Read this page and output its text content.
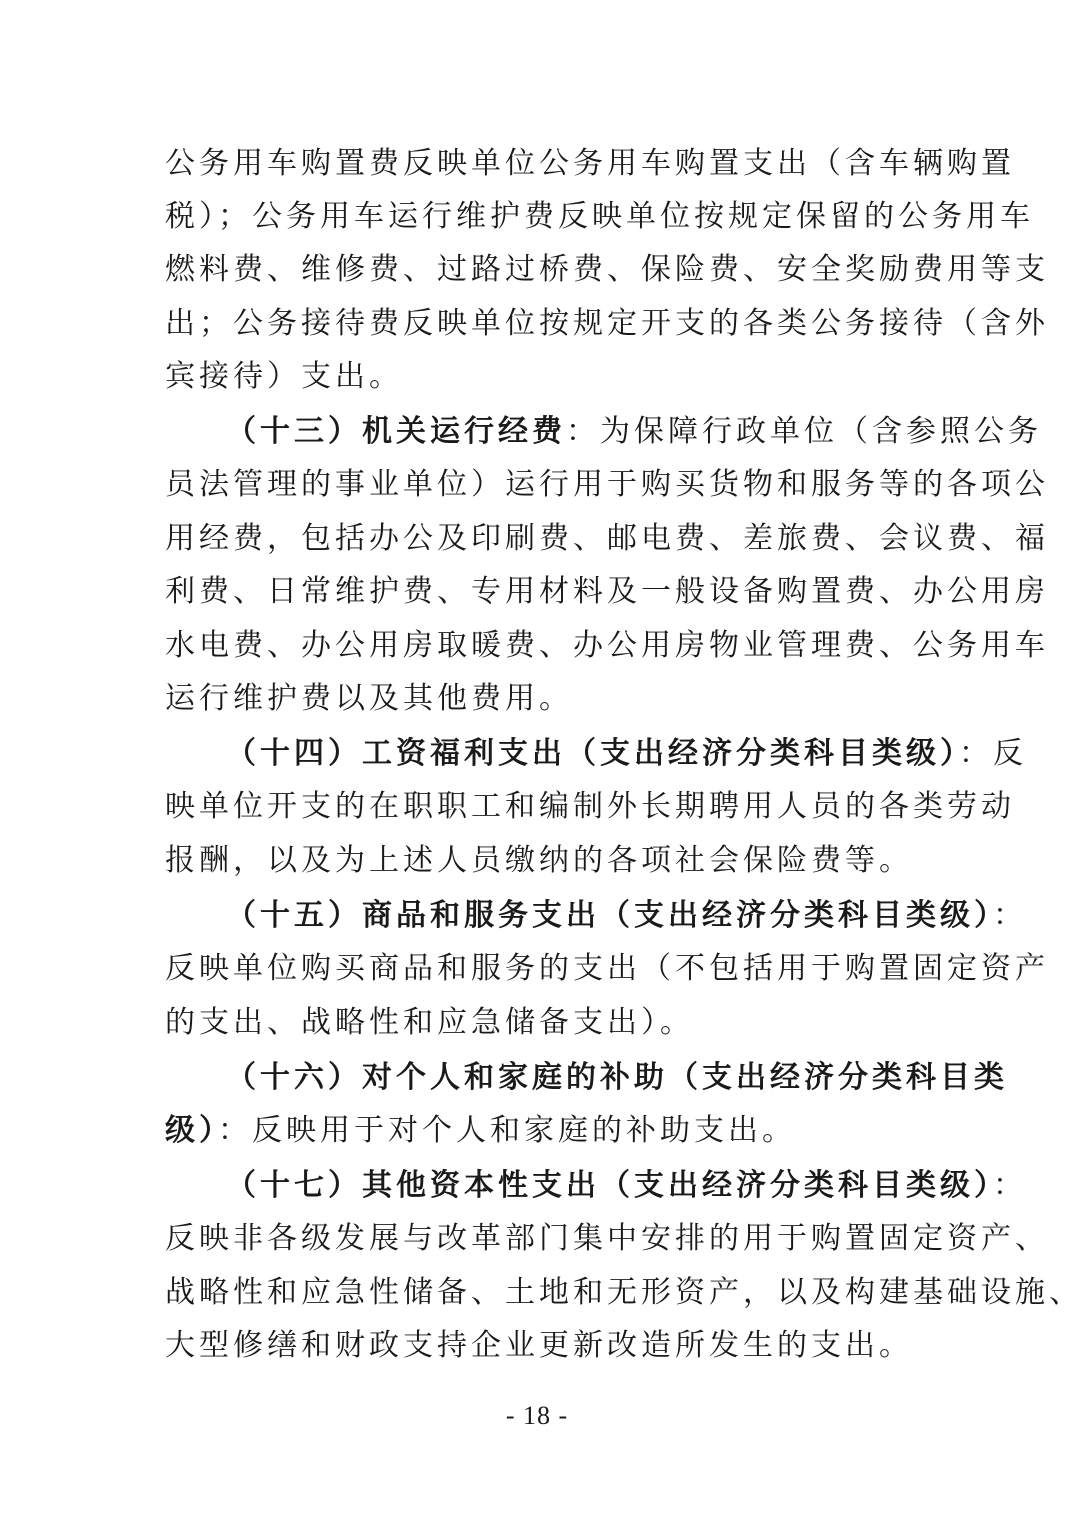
公务用车购置费反映单位公务用车购置支出（含车辆购置
税）；公务用车运行维护费反映单位按规定保留的公务用车
燃料费、维修费、过路过桥费、保险费、安全奖励费用等支
出；公务接待费反映单位按规定开支的各类公务接待（含外
宾接待）支出。
（十三）机关运行经费：为保障行政单位（含参照公务
员法管理的事业单位）运行用于购买货物和服务等的各项公
用经费，包括办公及印刷费、邮电费、差旅费、会议费、福
利费、日常维护费、专用材料及一般设备购置费、办公用房
水电费、办公用房取暖费、办公用房物业管理费、公务用车
运行维护费以及其他费用。
（十四）工资福利支出（支出经济分类科目类级）：反
映单位开支的在职职工和编制外长期聘用人员的各类劳动
报酬，以及为上述人员缴纳的各项社会保险费等。
（十五）商品和服务支出（支出经济分类科目类级）：
反映单位购买商品和服务的支出（不包括用于购置固定资产
的支出、战略性和应急储备支出）。
（十六）对个人和家庭的补助（支出经济分类科目类
级）：反映用于对个人和家庭的补助支出。
（十七）其他资本性支出（支出经济分类科目类级）：
反映非各级发展与改革部门集中安排的用于购置固定资产、
战略性和应急性储备、土地和无形资产，以及构建基础设施、
大型修缮和财政支持企业更新改造所发生的支出。
- 18 -
